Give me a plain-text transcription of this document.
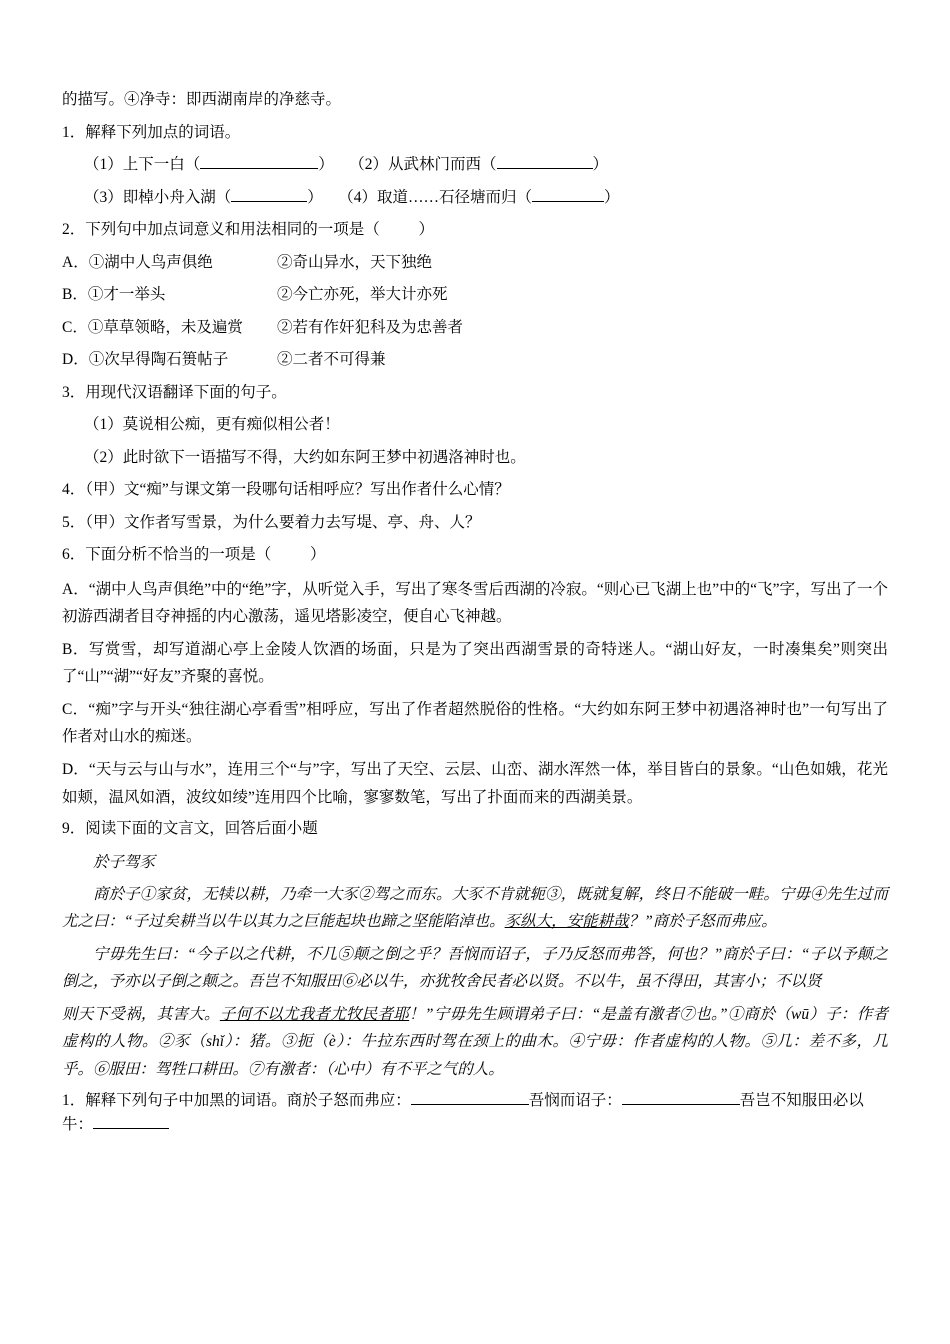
的描写。④净寺：即西湖南岸的净慈寺。

1．解释下列加点的词语。

（1）上下一白（	） （2）从武林门而西（	）

（3）即棹小舟入湖（	） （4）取道……石径塘而归（	）

2．下列句中加点词意义和用法相同的一项是（          ）

A．①湖中人鸟声俱绝	②奇山异水，天下独绝
B．①才一举头	②今亡亦死，举大计亦死
C．①草草领略，未及遍赏	②若有作奸犯科及为忠善者
D．①次早得陶石篑帖子	②二者不可得兼

3．用现代汉语翻译下面的句子。

（1）莫说相公痴，更有痴似相公者！

（2）此时欲下一语描写不得，大约如东阿王梦中初遇洛神时也。

4．（甲）文“痴”与课文第一段哪句话相呼应？写出作者什么心情？

5．（甲）文作者写雪景，为什么要着力去写堤、亭、舟、人？

6．下面分析不恰当的一项是（          ）

A．“湖中人鸟声俱绝”中的“绝”字，从听觉入手，写出了寒冬雪后西湖的冷寂。“则心已飞湖上也”中的“飞”字，写出了一个初游西湖者目夺神摇的内心激荡，遥见塔影凌空，便自心飞神越。

B．写赏雪，却写道湖心亭上金陵人饮酒的场面，只是为了突出西湖雪景的奇特迷人。“湖山好友，一时凑集矣”则突出了“山”“湖”“好友”齐聚的喜悦。

C．“痴”字与开头“独往湖心亭看雪”相呼应，写出了作者超然脱俗的性格。“大约如东阿王梦中初遇洛神时也”一句写出了作者对山水的痴迷。

D．“天与云与山与水”，连用三个“与”字，写出了天空、云层、山峦、湖水浑然一体，举目皆白的景象。“山色如娥，花光如颊，温风如酒，波纹如绫”连用四个比喻，寥寥数笔，写出了扑面而来的西湖美景。

9．阅读下面的文言文，回答后面小题

於子驾豕

商於子①家贫，无犊以耕，乃牵一大豕②驾之而东。大豕不肯就轭③，既就复解，终日不能破一畦。宁毋④先生过而尤之曰：“子过矣耕当以牛以其力之巨能起块也蹄之坚能陷淖也。豕纵大，安能耕哉？”商於子怒而弗应。

宁毋先生曰：“今子以之代耕，不几⑤颠之倒之乎？吾悯而诏子，子乃反怒而弗答，何也？”商於子曰：“子以予颠之倒之，予亦以子倒之颠之。吾岂不知服田⑥必以牛，亦犹牧舍民者必以贤。不以牛，虽不得田，其害小；不以贤

则天下受祸，其害大。子何不以尤我者尤牧民者耶！”宁毋先生顾谓弟子曰：“是盖有激者⑦也。”①商於（wū）子：作者虚构的人物。②豕（shǐ）：猪。③扼（è）：牛拉东西时驾在颈上的曲木。④宁毋：作者虚构的人物。⑤几：差不多，几乎。⑥服田：驾牲口耕田。⑦有激者：（心中）有不平之气的人。

1．解释下列句子中加黑的词语。商於子怒而弗应：	吾悯而诏子：	吾岂不知服田必以牛：
